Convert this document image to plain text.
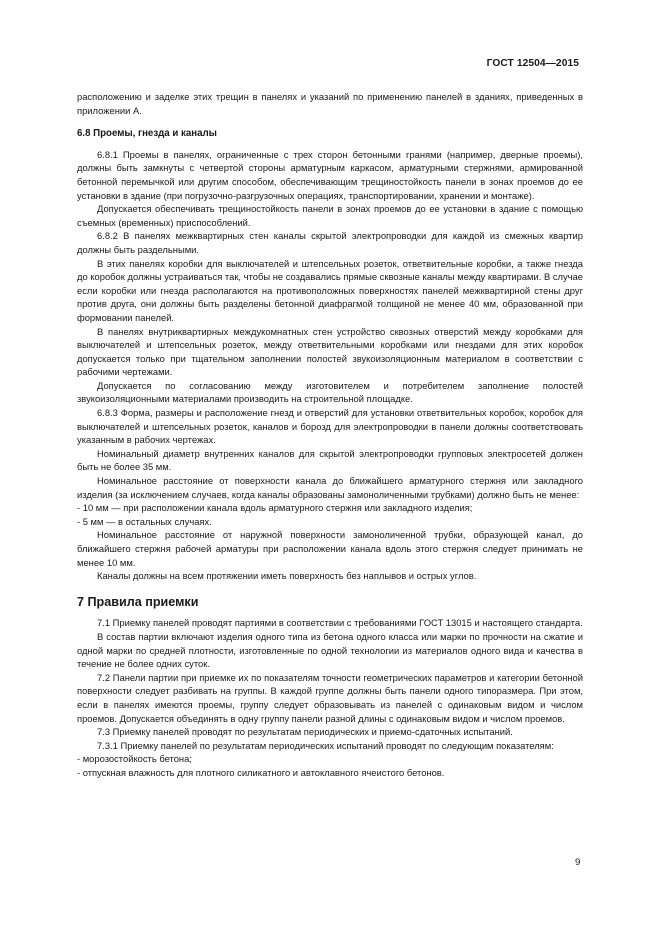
ГОСТ 12504—2015

расположению и заделке этих трещин в панелях и указаний по применению панелей в зданиях, приведенных в приложении А.

6.8 Проемы, гнезда и каналы

6.8.1 Проемы в панелях, ограниченные с трех сторон бетонными гранями (например, дверные проемы), должны быть замкнуты с четвертой стороны арматурным каркасом, арматурными стержнями, армированной бетонной перемычкой или другим способом, обеспечивающим трещиностойкость панели в зонах проемов до ее установки в здание (при погрузочно-разгрузочных операциях, транспортировании, хранении и монтаже).

Допускается обеспечивать трещиностойкость панели в зонах проемов до ее установки в здание с помощью съемных (временных) приспособлений.

6.8.2 В панелях межквартирных стен каналы скрытой электропроводки для каждой из смежных квартир должны быть раздельными.

В этих панелях коробки для выключателей и штепсельных розеток, ответвительные коробки, а также гнезда до коробок должны устраиваться так, чтобы не создавались прямые сквозные каналы между квартирами. В случае если коробки или гнезда располагаются на противоположных поверхностях панелей межквартирной стены друг против друга, они должны быть разделены бетонной диафрагмой толщиной не менее 40 мм, образованной при формовании панелей.

В панелях внутриквартирных междукомнатных стен устройство сквозных отверстий между коробками для выключателей и штепсельных розеток, между ответвительными коробками или гнездами для этих коробок допускается только при тщательном заполнении полостей звукоизоляционным материалом в соответствии с рабочими чертежами.

Допускается по согласованию между изготовителем и потребителем заполнение полостей звукоизоляционными материалами производить на строительной площадке.

6.8.3 Форма, размеры и расположение гнезд и отверстий для установки ответвительных коробок, коробок для выключателей и штепсельных розеток, каналов и борозд для электропроводки в панели должны соответствовать указанным в рабочих чертежах.

Номинальный диаметр внутренних каналов для скрытой электропроводки групповых электросетей должен быть не более 35 мм.

Номинальное расстояние от поверхности канала до ближайшего арматурного стержня или закладного изделия (за исключением случаев, когда каналы образованы замоноличенными трубками) должно быть не менее:

- 10 мм — при расположении канала вдоль арматурного стержня или закладного изделия;

- 5 мм — в остальных случаях.

Номинальное расстояние от наружной поверхности замоноличенной трубки, образующей канал, до ближайшего стержня рабочей арматуры при расположении канала вдоль этого стержня следует принимать не менее 10 мм.

Каналы должны на всем протяжении иметь поверхность без наплывов и острых углов.

7 Правила приемки

7.1 Приемку панелей проводят партиями в соответствии с требованиями ГОСТ 13015 и настоящего стандарта.

В состав партии включают изделия одного типа из бетона одного класса или марки по прочности на сжатие и одной марки по средней плотности, изготовленные по одной технологии из материалов одного вида и качества в течение не более одних суток.

7.2 Панели партии при приемке их по показателям точности геометрических параметров и категории бетонной поверхности следует разбивать на группы. В каждой группе должны быть панели одного типоразмера. При этом, если в панелях имеются проемы, группу следует образовывать из панелей с одинаковым видом и числом проемов. Допускается объединять в одну группу панели разной длины с одинаковым видом и числом проемов.

7.3 Приемку панелей проводят по результатам периодических и приемо-сдаточных испытаний.

7.3.1 Приемку панелей по результатам периодических испытаний проводят по следующим показателям:

- морозостойкость бетона;

- отпускная влажность для плотного силикатного и автоклавного ячеистого бетонов.

9
